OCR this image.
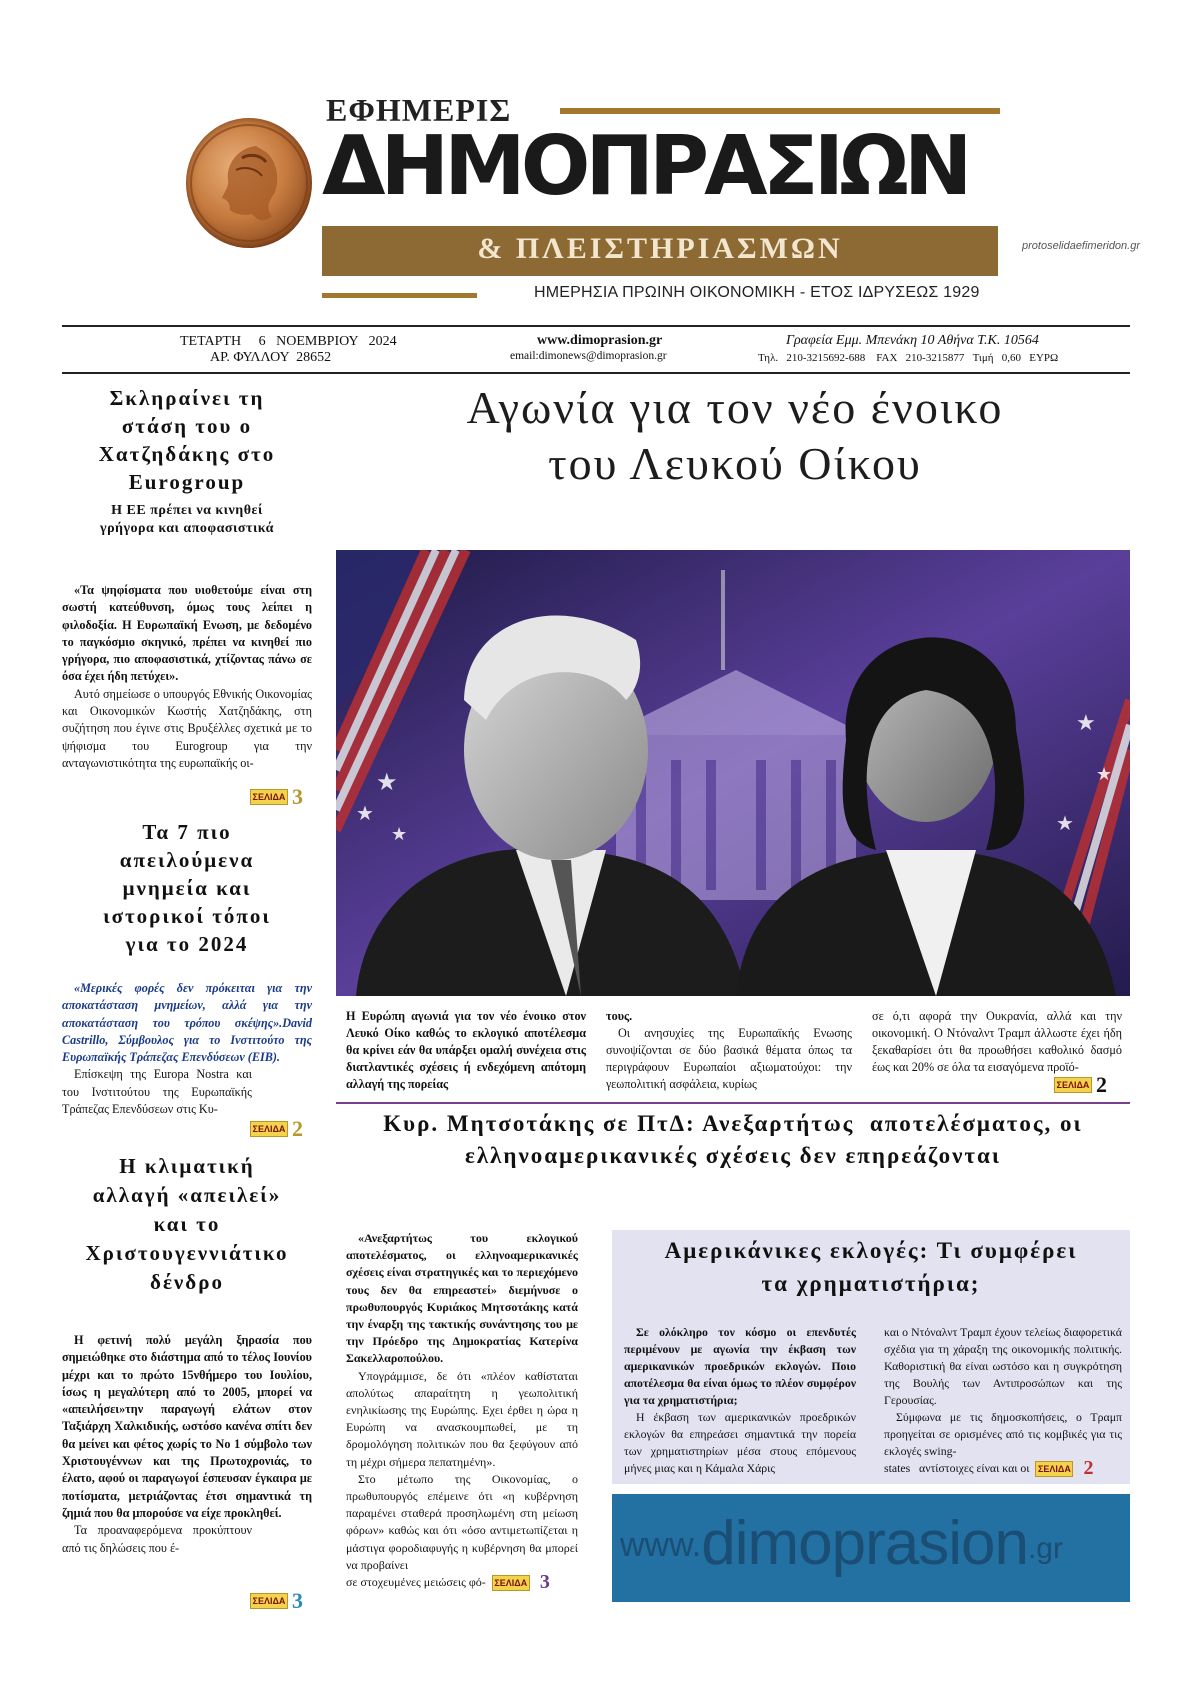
ΕΦΗΜΕΡΙΣ
ΔΗΜΟΠΡΑΣΙΩΝ
& ΠΛΕΙΣΤΗΡΙΑΣΜΩΝ
ΗΜΕΡΗΣΙΑ ΠΡΩΙΝΗ ΟΙΚΟΝΟΜΙΚΗ - ΕΤΟΣ ΙΔΡΥΣΕΩΣ 1929
protoselidaefimeridon.gr
ΤΕΤΑΡΤΗ     6   ΝΟΕΜΒΡΙΟΥ   2024
ΑΡ. ΦΥΛΛΟΥ  28652
www.dimoprasion.gr
email:dimonews@dimoprasion.gr
Γραφεία Εμμ. Μπενάκη 10 Αθήνα Τ.Κ. 10564
Τηλ.   210-3215692-688    FAX   210-3215877   Τιμή   0,60   ΕΥΡΩ
Αγωνία για τον νέο ένοικο
του Λευκού Οίκου
★
★
★
★
★
★
Η Ευρώπη αγωνιά για τον νέο ένοικο στον Λευκό Οίκο καθώς το εκλογικό αποτέλεσμα θα κρίνει εάν θα υπάρξει ομαλή συνέχεια στις διατλαντικές σχέσεις ή ενδεχόμενη απότομη αλλαγή της πορείας
τους.
Οι ανησυχίες της Ευρωπαϊκής Ενωσης συνοψίζονται σε δύο βασικά θέματα όπως τα περιγράφουν Ευρωπαίοι αξιωματούχοι: την γεωπολιτική ασφάλεια, κυρίως
σε ό,τι αφορά την Ουκρανία, αλλά και την οικονομική. Ο Ντόναλντ Τραμπ άλλωστε έχει ήδη ξεκαθαρίσει ότι θα προωθήσει καθολικό δασμό έως και 20% σε όλα τα εισαγόμενα προϊό-
ΣΕΛΙΔΑ 2
Κυρ. Μητσοτάκης σε ΠτΔ: Ανεξαρτήτως  αποτελέσματος, οι
ελληνοαμερικανικές σχέσεις δεν επηρεάζονται
«Ανεξαρτήτως του εκλογικού αποτελέσματος, οι ελληνοαμερικανικές σχέσεις είναι στρατηγικές και το περιεχόμενο τους δεν θα επηρεαστεί» διεμήνυσε ο πρωθυπουργός Κυριάκος Μητσοτάκης κατά την έναρξη της τακτικής συνάντησης του με την Πρόεδρο της Δημοκρατίας Κατερίνα Σακελλαροπούλου.
Υπογράμμισε, δε ότι «πλέον καθίσταται απολύτως απαραίτητη η γεωπολιτική ενηλικίωσης της Ευρώπης. Εχει έρθει η ώρα η Ευρώπη να ανασκουμπωθεί, με τη δρομολόγηση πολιτικών που θα ξεφύγουν από τη μέχρι σήμερα πεπατημένη».
Στο μέτωπο της Οικονομίας, ο πρωθυπουργός επέμεινε ότι «η κυβέρνηση παραμένει σταθερά προσηλωμένη στη μείωση φόρων» καθώς και ότι «όσο αντιμετωπίζεται η μάστιγα φοροδιαφυγής η κυβέρνηση θα μπορεί να προβαίνει
σε στοχευμένες μειώσεις φό- ΣΕΛΙΔΑ 3
Αμερικάνικες εκλογές: Τι συμφέρει
τα χρηματιστήρια;
Σε ολόκληρο τον κόσμο οι επενδυτές περιμένουν με αγωνία την έκβαση των αμερικανικών προεδρικών εκλογών. Ποιο αποτέλεσμα θα είναι όμως το πλέον συμφέρον για τα χρηματιστήρια;
Η έκβαση των αμερικανικών προεδρικών εκλογών θα επηρεάσει σημαντικά την πορεία των χρηματιστηρίων μέσα στους επόμενους μήνες μιας και η Κάμαλα Χάρις
και ο Ντόναλντ Τραμπ έχουν τελείως διαφορετικά σχέδια για τη χάραξη της οικονομικής πολιτικής. Καθοριστική θα είναι ωστόσο και η συγκρότηση της Βουλής των Αντιπροσώπων και της Γερουσίας.
Σύμφωνα με τις δημοσκοπήσεις, ο Τραμπ προηγείται σε ορισμένες από τις κομβικές για τις εκλογές swing-
states   αντίστοιχες είναι και οι ΣΕΛΙΔΑ 2
www.dimoprasion.gr
Σκληραίνει τη
στάση του ο
Χατζηδάκης στο
Eurogroup
Η ΕΕ πρέπει να κινηθεί
γρήγορα και αποφασιστικά

«Τα ψηφίσματα που υιοθετούμε είναι στη σωστή κατεύθυνση, όμως τους λείπει η φιλοδοξία. Η Ευρωπαϊκή Ενωση, με δεδομένο το παγκόσμιο σκηνικό, πρέπει να κινηθεί πιο γρήγορα, πιο αποφασιστικά, χτίζοντας πάνω σε όσα έχει ήδη πετύχει».

Αυτό σημείωσε ο υπουργός Εθνικής Οικονομίας και Οικονομικών Κωστής Χατζηδάκης, στη συζήτηση που έγινε στις Βρυξέλλες σχετικά με το ψήφισμα του Eurogroup για την ανταγωνιστικότητα της ευρωπαϊκής οι-

ΣΕΛΙΔΑ 3
Τα 7 πιο
απειλούμενα
μνημεία και
ιστορικοί τόποι
για το 2024

«Μερικές φορές δεν πρόκειται για την αποκατάσταση μνημείων, αλλά για την αποκατάσταση του τρόπου σκέψης».David Castrillo, Σύμβουλος για το Ινστιτούτο της Ευρωπαϊκής Τράπεζας Επενδύσεων (EIB).

Επίσκεψη της Europa Nostra και του Ινστιτούτου της Ευρωπαϊκής Τράπεζας Επενδύσεων στις Κυ-

ΣΕΛΙΔΑ 2
Η κλιματική
αλλαγή «απειλεί»
και το
Χριστουγεννιάτικο
δένδρο

Η φετινή πολύ μεγάλη ξηρασία που σημειώθηκε στο διάστημα από το τέλος Ιουνίου μέχρι και το πρώτο 15νθήμερο του Ιουλίου, ίσως η μεγαλύτερη από το 2005, μπορεί να «απειλήσει»την παραγωγή ελάτων στον Ταξιάρχη Χαλκιδικής, ωστόσο κανένα σπίτι δεν θα μείνει και φέτος χωρίς το Νο 1 σύμβολο των Χριστουγέννων και της Πρωτοχρονιάς, το έλατο, αφού οι παραγωγοί έσπευσαν έγκαιρα με ποτίσματα, μετριάζοντας έτσι σημαντικά τη ζημιά που θα μπορούσε να είχε προκληθεί.

Τα προαναφερόμενα προκύπτουν από τις δηλώσεις που έ-

ΣΕΛΙΔΑ 3
